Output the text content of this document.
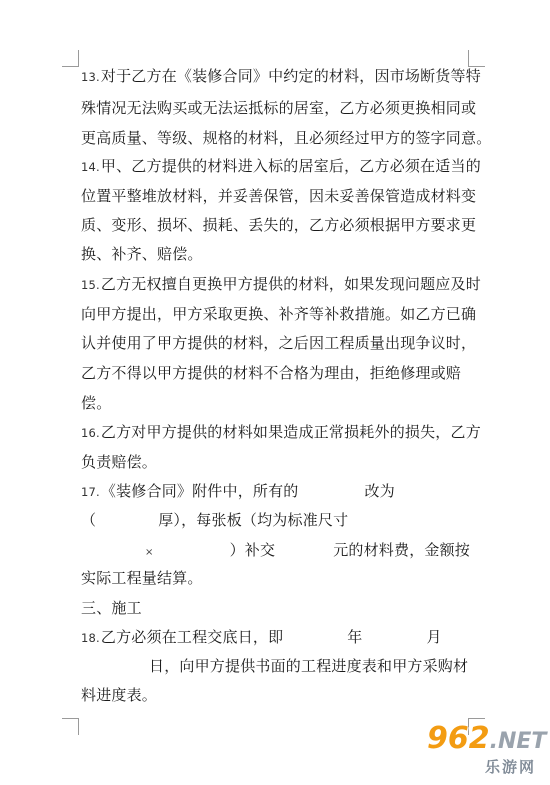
13.对于乙方在《装修合同》中约定的材料，因市场断货等特
殊情况无法购买或无法运抵标的居室，乙方必须更换相同或
更高质量、等级、规格的材料，且必须经过甲方的签字同意。
14.甲、乙方提供的材料进入标的居室后，乙方必须在适当的
位置平整堆放材料，并妥善保管，因未妥善保管造成材料变
质、变形、损坏、损耗、丢失的，乙方必须根据甲方要求更
换、补齐、赔偿。
15.乙方无权擅自更换甲方提供的材料，如果发现问题应及时
向甲方提出，甲方采取更换、补齐等补救措施。如乙方已确
认并使用了甲方提供的材料，之后因工程质量出现争议时，
乙方不得以甲方提供的材料不合格为理由，拒绝修理或赔
偿。
16.乙方对甲方提供的材料如果造成正常损耗外的损失，乙方
负责赔偿。
17.《装修合同》附件中，所有的	改为
（	厚），每张板（均为标准尺寸
×	）补交	元的材料费，金额按
实际工程量结算。
三、施工
18.乙方必须在工程交底日，即	年	月
日，向甲方提供书面的工程进度表和甲方采购材
料进度表。
962.NET
乐游网
